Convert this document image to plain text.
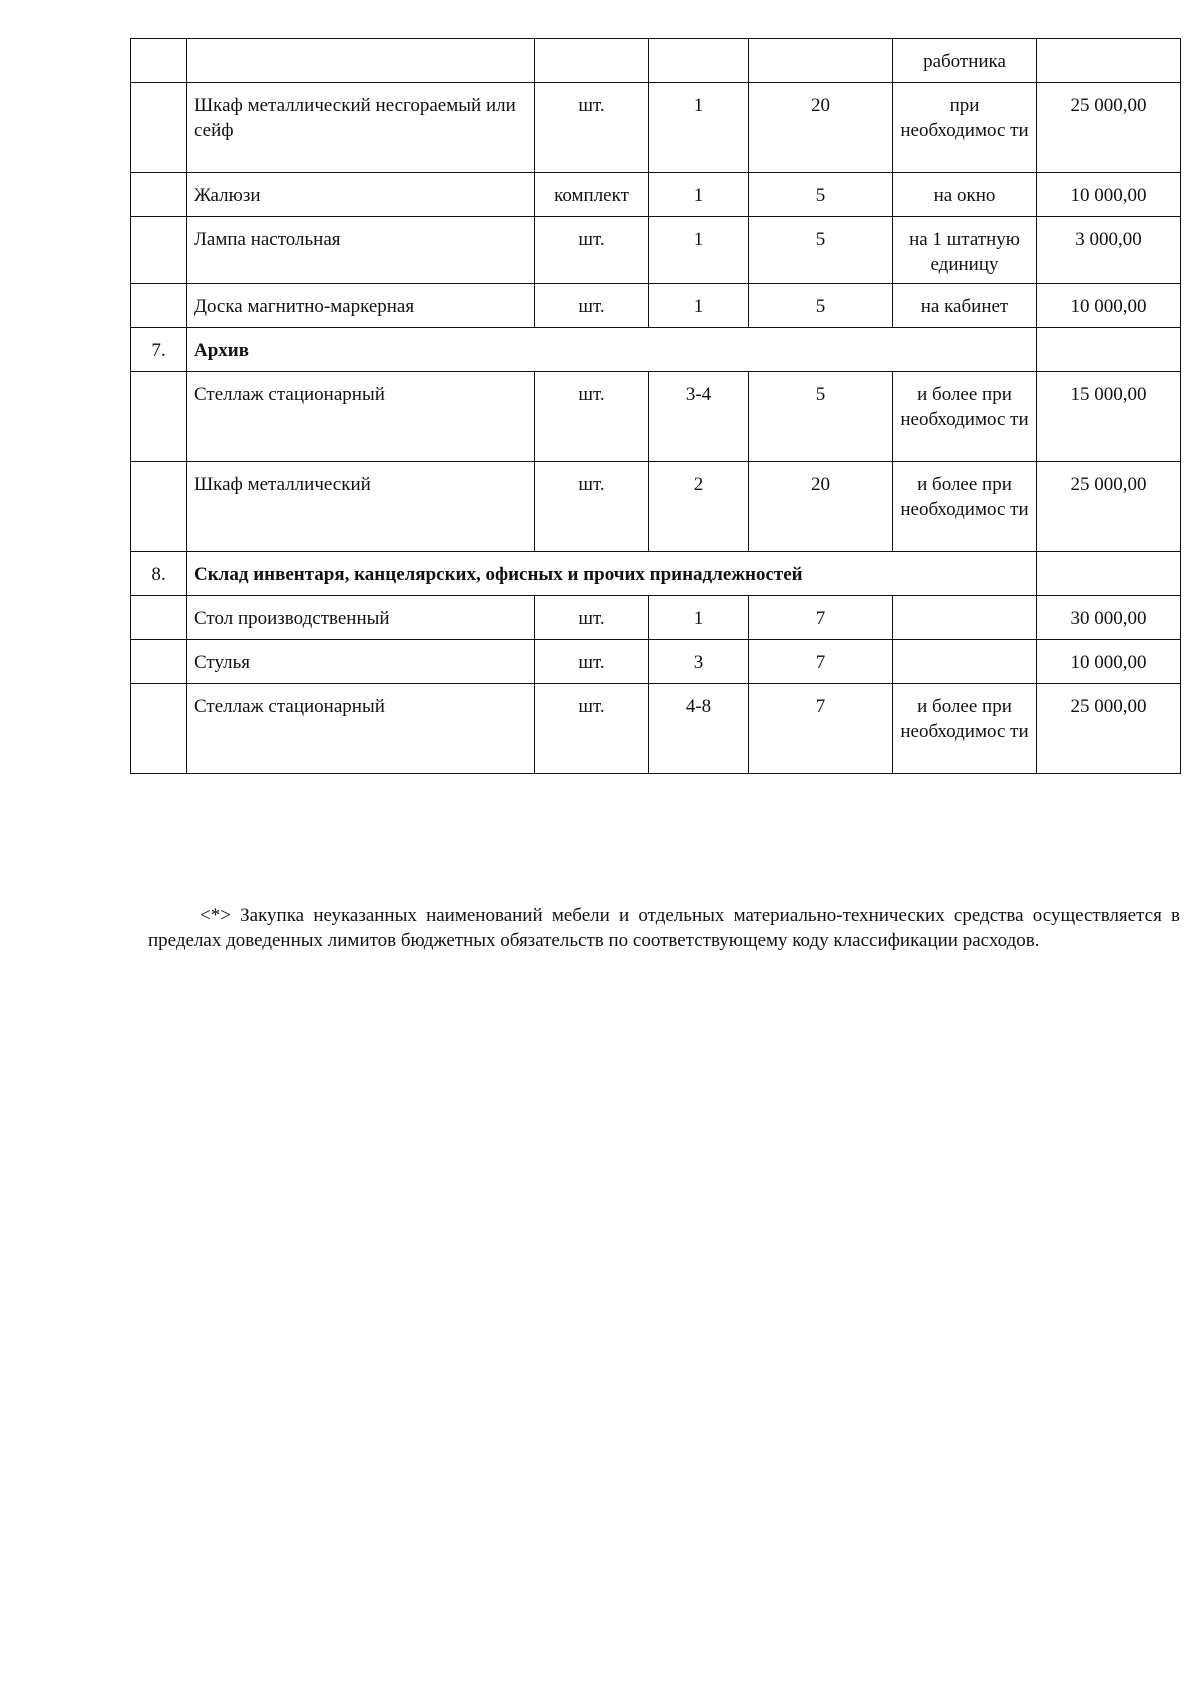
					работника	
	Шкаф металлический несгораемый или сейф	шт.	1	20	при необходимос ти	25 000,00
	Жалюзи	комплект	1	5	на окно	10 000,00
	Лампа настольная	шт.	1	5	на 1 штатную единицу	3 000,00
	Доска магнитно-маркерная	шт.	1	5	на кабинет	10 000,00
7.	Архив					
	Стеллаж стационарный	шт.	3-4	5	и более при необходимос ти	15 000,00
	Шкаф металлический	шт.	2	20	и более при необходимос ти	25 000,00
8.	Склад инвентаря, канцелярских, офисных и прочих принадлежностей					
	Стол производственный	шт.	1	7		30 000,00
	Стулья	шт.	3	7		10 000,00
	Стеллаж стационарный	шт.	4-8	7	и более при необходимос ти	25 000,00

<*> Закупка неуказанных наименований мебели и отдельных материально-технических средства осуществляется в пределах доведенных лимитов бюджетных обязательств по соответствующему коду классификации расходов.
